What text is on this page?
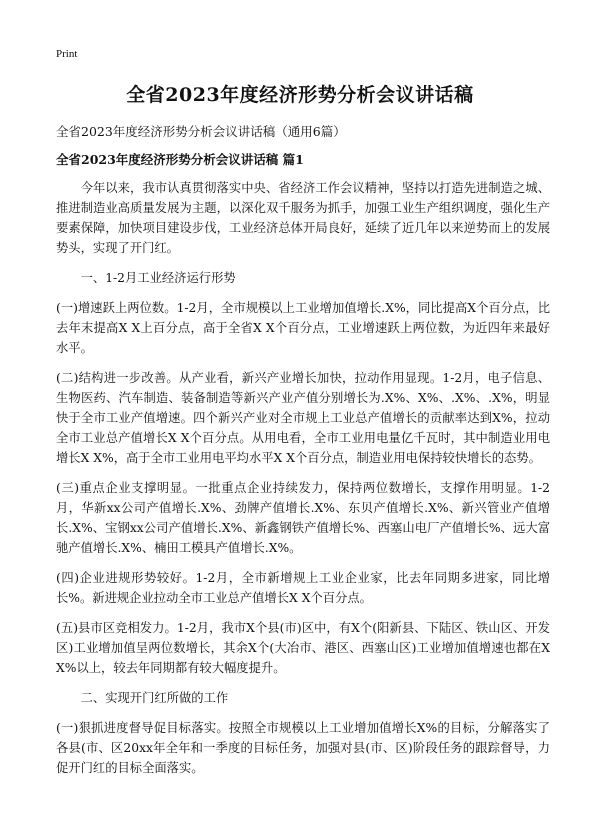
Print
全省2023年度经济形势分析会议讲话稿
全省2023年度经济形势分析会议讲话稿（通用6篇）
全省2023年度经济形势分析会议讲话稿 篇1

今年以来，我市认真贯彻落实中央、省经济工作会议精神，坚持以打造先进制造之城、推进制造业高质量发展为主题，以深化双千服务为抓手，加强工业生产组织调度，强化生产要素保障，加快项目建设步伐，工业经济总体开局良好，延续了近几年以来逆势而上的发展势头，实现了开门红。

一、1-2月工业经济运行形势

(一)增速跃上两位数。1-2月，全市规模以上工业增加值增长.X%，同比提高X个百分点，比去年末提高X X上百分点，高于全省X X个百分点，工业增速跃上两位数，为近四年来最好水平。

(二)结构进一步改善。从产业看，新兴产业增长加快，拉动作用显现。1-2月，电子信息、生物医药、汽车制造、装备制造等新兴产业产值分别增长为.X%、X%、.X%、.X%，明显快于全市工业产值增速。四个新兴产业对全市规上工业总产值增长的贡献率达到X%，拉动全市工业总产值增长X X个百分点。从用电看，全市工业用电量亿千瓦时，其中制造业用电增长X X%，高于全市工业用电平均水平X X个百分点，制造业用电保持较快增长的态势。

(三)重点企业支撑明显。一批重点企业持续发力，保持两位数增长，支撑作用明显。1-2月，华新xx公司产值增长.X%、劲牌产值增长.X%、东贝产值增长.X%、新兴管业产值增长.X%、宝钢xx公司产值增长.X%、新鑫钢铁产值增长%、西塞山电厂产值增长%、远大富驰产值增长.X%、楠田工模具产值增长.X%。

(四)企业进规形势较好。1-2月，全市新增规上工业企业家，比去年同期多进家，同比增长%。新进规企业拉动全市工业总产值增长X X个百分点。

(五)县市区竞相发力。1-2月，我市X个县(市)区中，有X个(阳新县、下陆区、铁山区、开发区)工业增加值呈两位数增长，其余X个(大冶市、港区、西塞山区)工业增加值增速也都在X X%以上，较去年同期都有较大幅度提升。

二、实现开门红所做的工作

(一)狠抓进度督导促目标落实。按照全市规模以上工业增加值增长X%的目标，分解落实了各县(市、区20xx年全年和一季度的目标任务，加强对县(市、区)阶段任务的跟踪督导，力促开门红的目标全面落实。
